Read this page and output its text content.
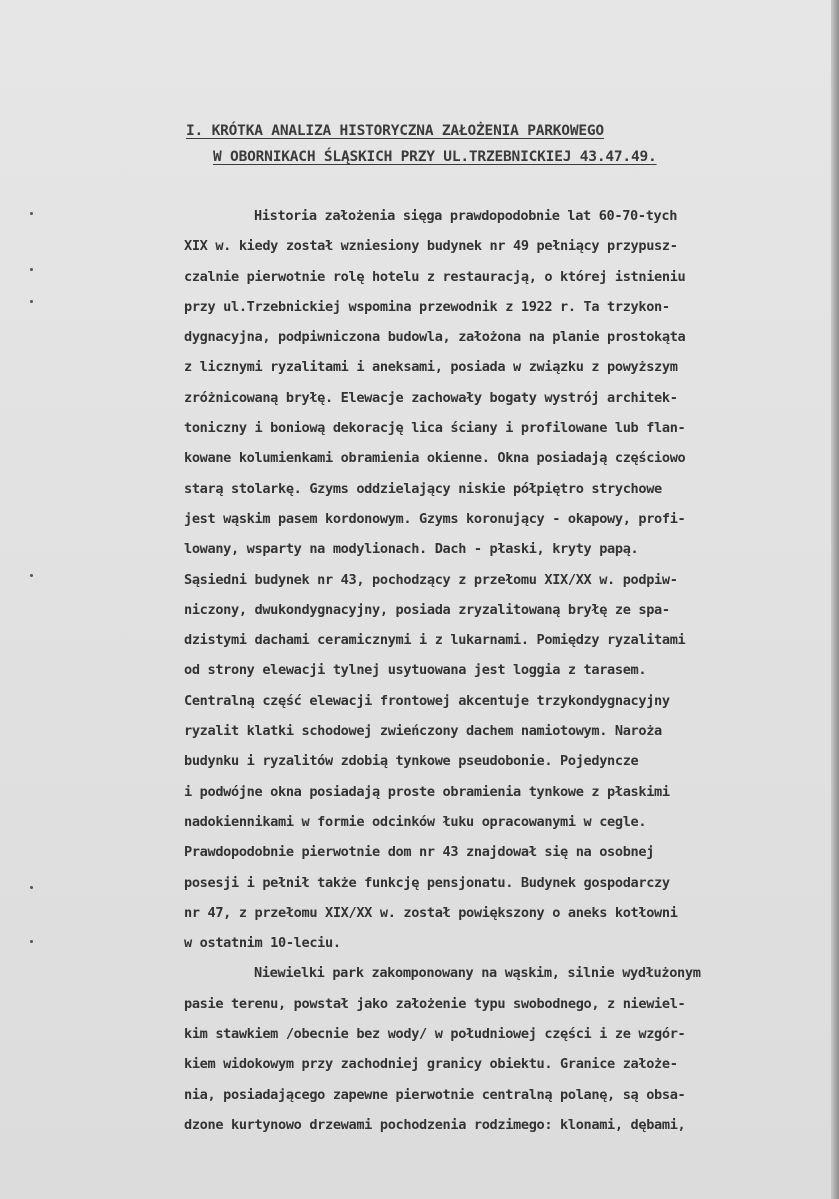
I. KRÓTKA ANALIZA HISTORYCZNA ZAŁOŻENIA PARKOWEGO
W OBORNIKACH ŚLĄSKICH PRZY UL.TRZEBNICKIEJ 43.47.49.
Historia założenia sięga prawdopodobnie lat 60-70-tych
XIX w. kiedy został wzniesiony budynek nr 49 pełniący przypusz-
czalnie pierwotnie rolę hotelu z restauracją, o której istnieniu
przy ul.Trzebnickiej wspomina przewodnik z 1922 r. Ta trzykon-
dygnacyjna, podpiwniczona budowla, założona na planie prostokąta
z licznymi ryzalitami i aneksami, posiada w związku z powyższym
zróżnicowaną bryłę. Elewacje zachowały bogaty wystrój architek-
toniczny i boniową dekorację lica ściany i profilowane lub flan-
kowane kolumienkami obramienia okienne. Okna posiadają częściowo
starą stolarkę. Gzyms oddzielający niskie półpiętro strychowe
jest wąskim pasem kordonowym. Gzyms koronujący - okapowy, profi-
lowany, wsparty na modylionach. Dach - płaski, kryty papą.
Sąsiedni budynek nr 43, pochodzący z przełomu XIX/XX w. podpiw-
niczony, dwukondygnacyjny, posiada zryzalitowaną bryłę ze spa-
dzistymi dachami ceramicznymi i z lukarnami. Pomiędzy ryzalitami
od strony elewacji tylnej usytuowana jest loggia z tarasem.
Centralną część elewacji frontowej akcentuje trzykondygnacyjny
ryzalit klatki schodowej zwieńczony dachem namiotowym. Naroża
budynku i ryzalitów zdobią tynkowe pseudobonie. Pojedyncze
i podwójne okna posiadają proste obramienia tynkowe z płaskimi
nadokiennikami w formie odcinków łuku opracowanymi w cegle.
Prawdopodobnie pierwotnie dom nr 43 znajdował się na osobnej
posesji i pełnił także funkcję pensjonatu. Budynek gospodarczy
nr 47, z przełomu XIX/XX w. został powiększony o aneks kotłowni
w ostatnim 10-leciu.
Niewielki park zakomponowany na wąskim, silnie wydłużonym
pasie terenu, powstał jako założenie typu swobodnego, z niewiel-
kim stawkiem /obecnie bez wody/ w południowej części i ze wzgór-
kiem widokowym przy zachodniej granicy obiektu. Granice założe-
nia, posiadającego zapewne pierwotnie centralną polanę, są obsa-
dzone kurtynowo drzewami pochodzenia rodzimego: klonami, dębami,
